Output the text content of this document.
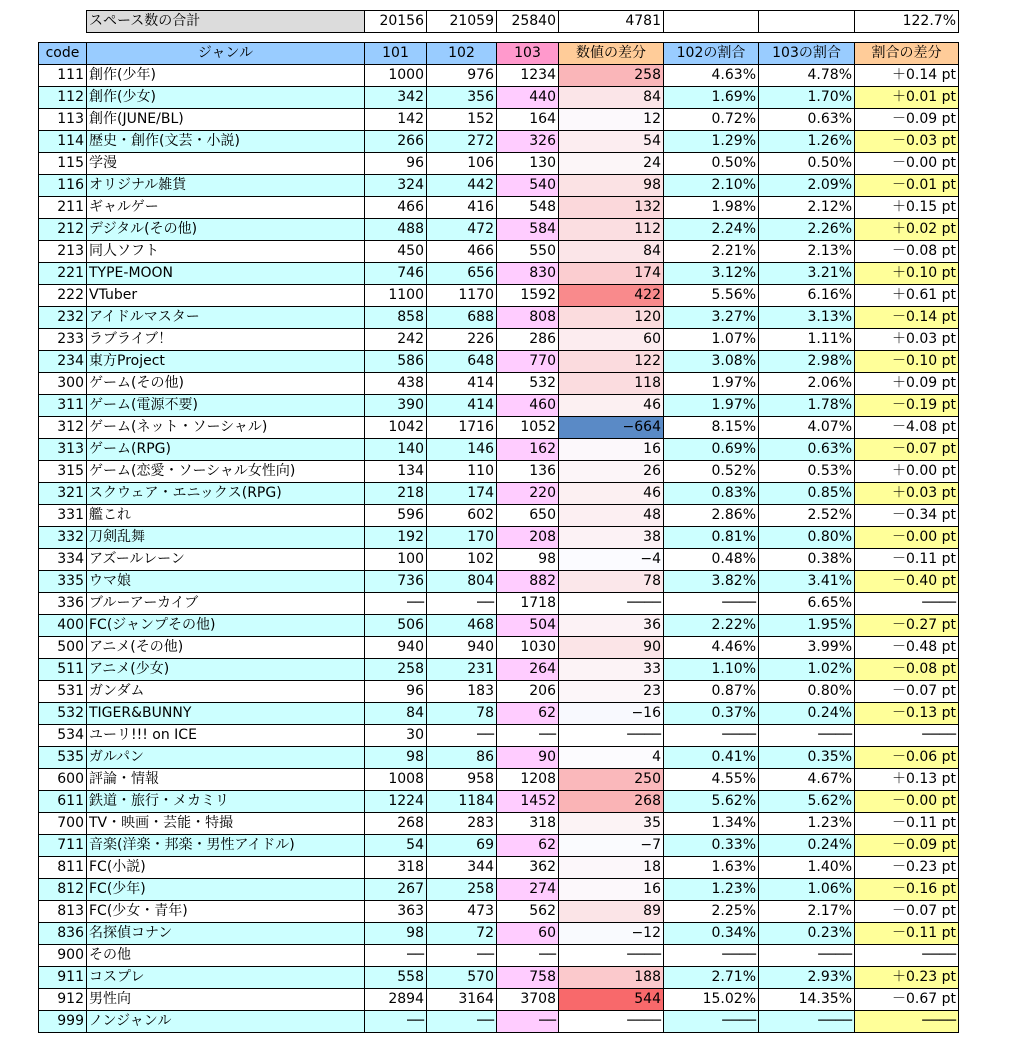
スペース数の合計	20156	21059	25840	4781			122.7%
code	ジャンル	101	102	103	数値の差分	102の割合	103の割合	割合の差分
111	創作(少年)	1000	976	1234	258	4.63%	4.78%	＋0.14 pt
112	創作(少女)	342	356	440	84	1.69%	1.70%	＋0.01 pt
113	創作(JUNE/BL)	142	152	164	12	0.72%	0.63%	－0.09 pt
114	歴史・創作(文芸・小説)	266	272	326	54	1.29%	1.26%	－0.03 pt
115	学漫	96	106	130	24	0.50%	0.50%	－0.00 pt
116	オリジナル雑貨	324	442	540	98	2.10%	2.09%	－0.01 pt
211	ギャルゲー	466	416	548	132	1.98%	2.12%	＋0.15 pt
212	デジタル(その他)	488	472	584	112	2.24%	2.26%	＋0.02 pt
213	同人ソフト	450	466	550	84	2.21%	2.13%	－0.08 pt
221	TYPE-MOON	746	656	830	174	3.12%	3.21%	＋0.10 pt
222	VTuber	1100	1170	1592	422	5.56%	6.16%	＋0.61 pt
232	アイドルマスター	858	688	808	120	3.27%	3.13%	－0.14 pt
233	ラブライブ！	242	226	286	60	1.07%	1.11%	＋0.03 pt
234	東方Project	586	648	770	122	3.08%	2.98%	－0.10 pt
300	ゲーム(その他)	438	414	532	118	1.97%	2.06%	＋0.09 pt
311	ゲーム(電源不要)	390	414	460	46	1.97%	1.78%	－0.19 pt
312	ゲーム(ネット・ソーシャル)	1042	1716	1052	−664	8.15%	4.07%	－4.08 pt
313	ゲーム(RPG)	140	146	162	16	0.69%	0.63%	－0.07 pt
315	ゲーム(恋愛・ソーシャル女性向)	134	110	136	26	0.52%	0.53%	＋0.00 pt
321	スクウェア・エニックス(RPG)	218	174	220	46	0.83%	0.85%	＋0.03 pt
331	艦これ	596	602	650	48	2.86%	2.52%	－0.34 pt
332	刀剣乱舞	192	170	208	38	0.81%	0.80%	－0.00 pt
334	アズールレーン	100	102	98	−4	0.48%	0.38%	－0.11 pt
335	ウマ娘	736	804	882	78	3.82%	3.41%	－0.40 pt
336	ブルーアーカイブ	──	──	1718	────	────	6.65%	────
400	FC(ジャンプその他)	506	468	504	36	2.22%	1.95%	－0.27 pt
500	アニメ(その他)	940	940	1030	90	4.46%	3.99%	－0.48 pt
511	アニメ(少女)	258	231	264	33	1.10%	1.02%	－0.08 pt
531	ガンダム	96	183	206	23	0.87%	0.80%	－0.07 pt
532	TIGER&BUNNY	84	78	62	−16	0.37%	0.24%	－0.13 pt
534	ユーリ!!! on ICE	30	──	──	────	────	────	────
535	ガルパン	98	86	90	4	0.41%	0.35%	－0.06 pt
600	評論・情報	1008	958	1208	250	4.55%	4.67%	＋0.13 pt
611	鉄道・旅行・メカミリ	1224	1184	1452	268	5.62%	5.62%	－0.00 pt
700	TV・映画・芸能・特撮	268	283	318	35	1.34%	1.23%	－0.11 pt
711	音楽(洋楽・邦楽・男性アイドル)	54	69	62	−7	0.33%	0.24%	－0.09 pt
811	FC(小説)	318	344	362	18	1.63%	1.40%	－0.23 pt
812	FC(少年)	267	258	274	16	1.23%	1.06%	－0.16 pt
813	FC(少女・青年)	363	473	562	89	2.25%	2.17%	－0.07 pt
836	名探偵コナン	98	72	60	−12	0.34%	0.23%	－0.11 pt
900	その他	──	──	──	────	────	────	────
911	コスプレ	558	570	758	188	2.71%	2.93%	＋0.23 pt
912	男性向	2894	3164	3708	544	15.02%	14.35%	－0.67 pt
999	ノンジャンル	──	──	──	────	────	────	────
